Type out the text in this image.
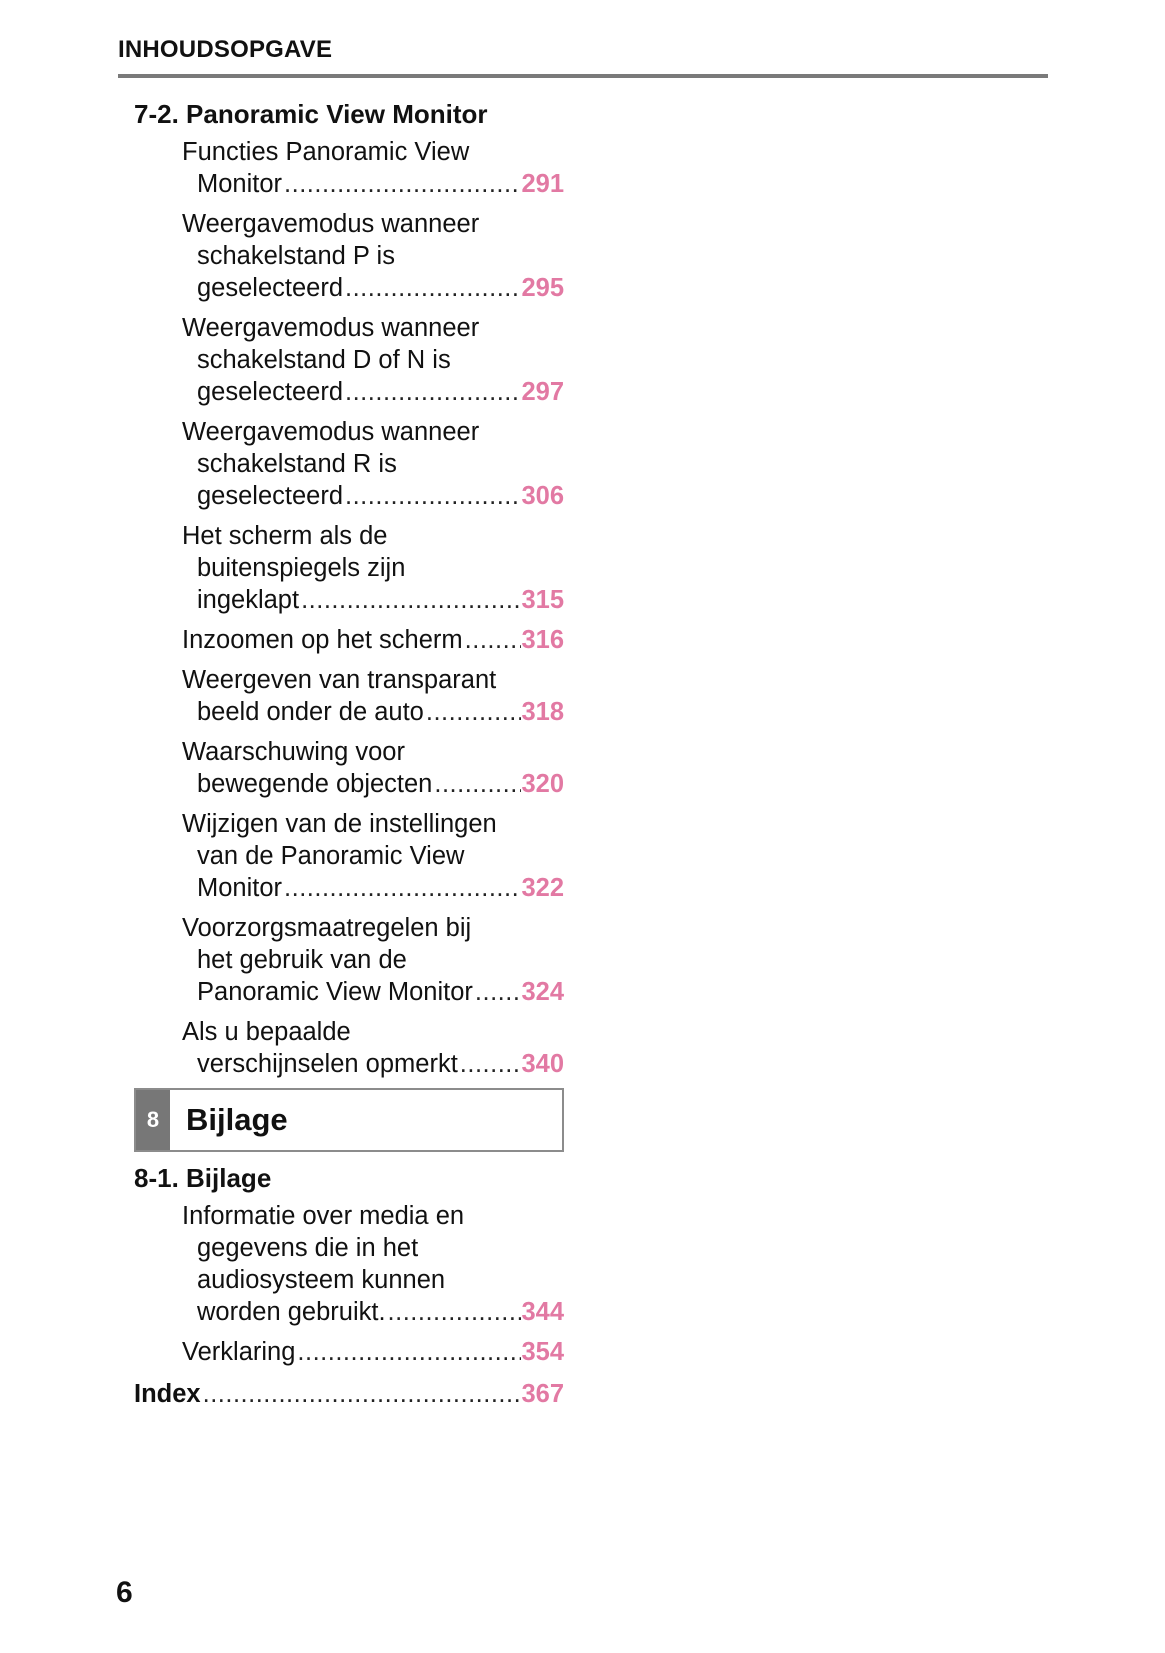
INHOUDSOPGAVE
7-2. Panoramic View Monitor
Functies Panoramic View
Monitor .....	291
Weergavemodus wanneer
schakelstand P is
geselecteerd .....	295
Weergavemodus wanneer
schakelstand D of N is
geselecteerd .....	297
Weergavemodus wanneer
schakelstand R is
geselecteerd .....	306
Het scherm als de
buitenspiegels zijn
ingeklapt .....	315
Inzoomen op het scherm ..... 316
Weergeven van transparant
beeld onder de auto .....	318
Waarschuwing voor
bewegende objecten .....	320
Wijzigen van de instellingen
van de Panoramic View
Monitor .....	322
Voorzorgsmaatregelen bij
het gebruik van de
Panoramic View Monitor ..... 324
Als u bepaalde
verschijnselen opmerkt ..... 340
8 Bijlage
8-1. Bijlage
Informatie over media en
gegevens die in het
audiosysteem kunnen
worden gebruikt. .....	344
Verklaring .....	354
Index .....	367
6
